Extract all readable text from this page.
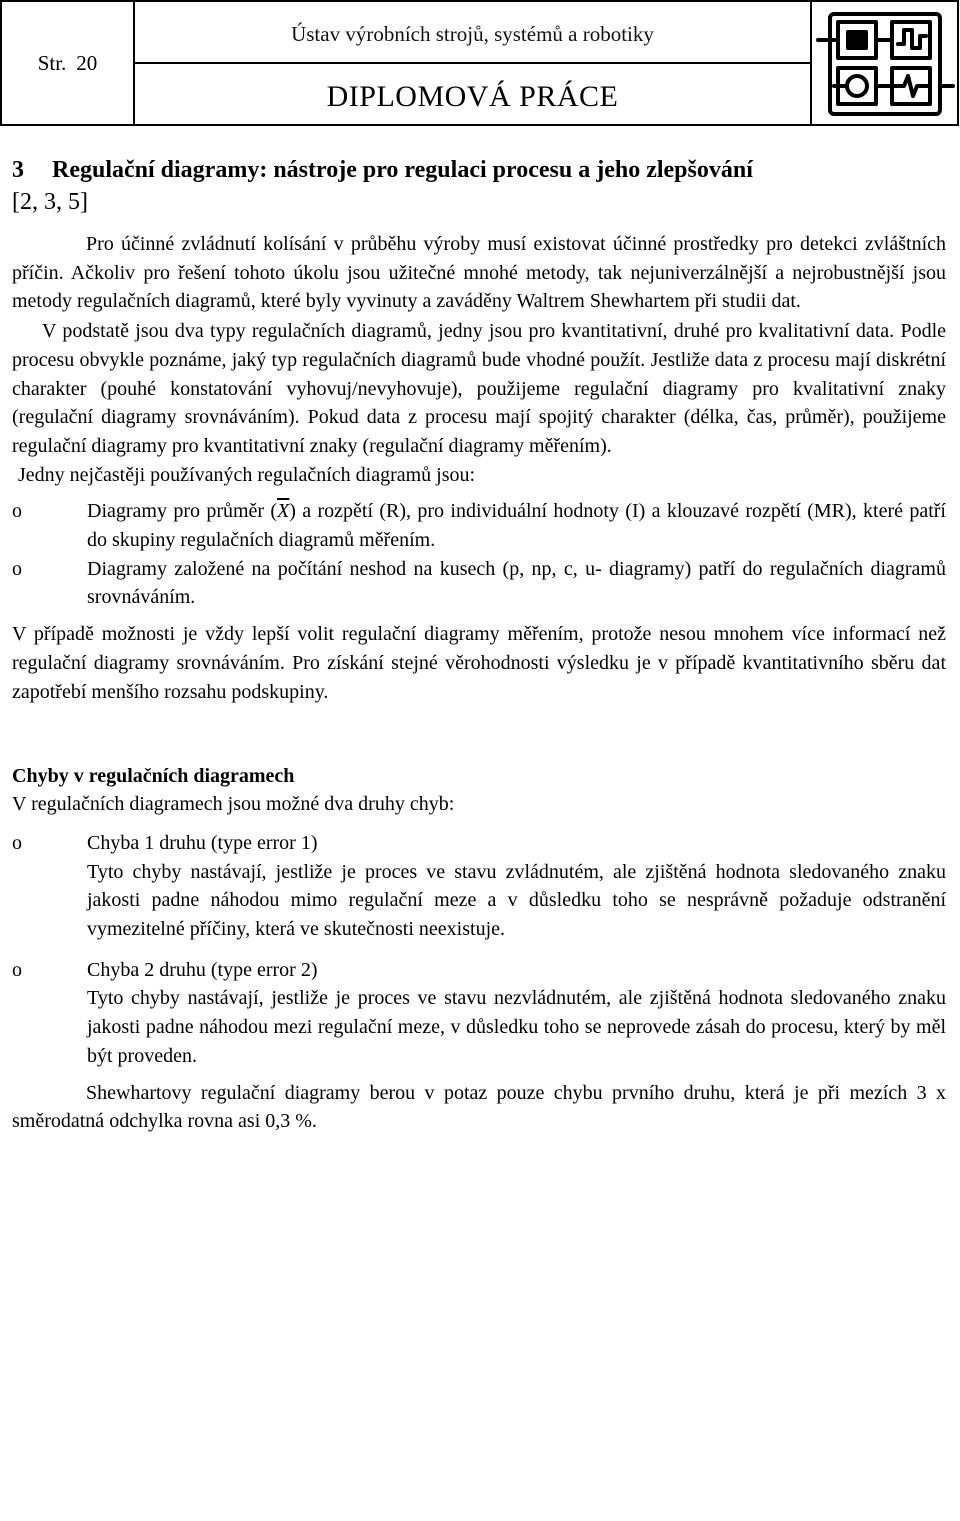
Str. 20
Ústav výrobních strojů, systémů a robotiky
DIPLOMOVÁ PRÁCE
3 Regulační diagramy: nástroje pro regulaci procesu a jeho zlepšování
[2, 3, 5]

Pro účinné zvládnutí kolísání v průběhu výroby musí existovat účinné prostředky pro detekci zvláštních příčin. Ačkoliv pro řešení tohoto úkolu jsou užitečné mnohé metody, tak nejuniverzálnější a nejrobustnější jsou metody regulačních diagramů, které byly vyvinuty a zaváděny Waltrem Shewhartem při studii dat.

V podstatě jsou dva typy regulačních diagramů, jedny jsou pro kvantitativní, druhé pro kvalitativní data. Podle procesu obvykle poznáme, jaký typ regulačních diagramů bude vhodné použít. Jestliže data z procesu mají diskrétní charakter (pouhé konstatování vyhovuj/nevyhovuje), použijeme regulační diagramy pro kvalitativní znaky (regulační diagramy srovnáváním). Pokud data z procesu mají spojitý charakter (délka, čas, průměr), použijeme regulační diagramy pro kvantitativní znaky (regulační diagramy měřením).

Jedny nejčastěji používaných regulačních diagramů jsou:

o	Diagramy pro průměr $(\overline{X})$ a rozpětí (R), pro individuální hodnoty (I) a klouzavé rozpětí (MR), které patří do skupiny regulačních diagramů měřením.
o	Diagramy založené na počítání neshod na kusech (p, np, c, u- diagramy) patří do regulačních diagramů srovnáváním.

V případě možnosti je vždy lepší volit regulační diagramy měřením, protože nesou mnohem více informací než regulační diagramy srovnáváním. Pro získání stejné věrohodnosti výsledku je v případě kvantitativního sběru dat zapotřebí menšího rozsahu podskupiny.

Chyby v regulačních diagramech

V regulačních diagramech jsou možné dva druhy chyb:

o	Chyba 1 druhu (type error 1)
Tyto chyby nastávají, jestliže je proces ve stavu zvládnutém, ale zjištěná hodnota sledovaného znaku jakosti padne náhodou mimo regulační meze a v důsledku toho se nesprávně požaduje odstranění vymezitelné příčiny, která ve skutečnosti neexistuje.
o	Chyba 2 druhu (type error 2)
Tyto chyby nastávají, jestliže je proces ve stavu nezvládnutém, ale zjištěná hodnota sledovaného znaku jakosti padne náhodou mezi regulační meze, v důsledku toho se neprovede zásah do procesu, který by měl být proveden.

Shewhartovy regulační diagramy berou v potaz pouze chybu prvního druhu, která je při mezích 3 x směrodatná odchylka rovna asi 0,3 %.
